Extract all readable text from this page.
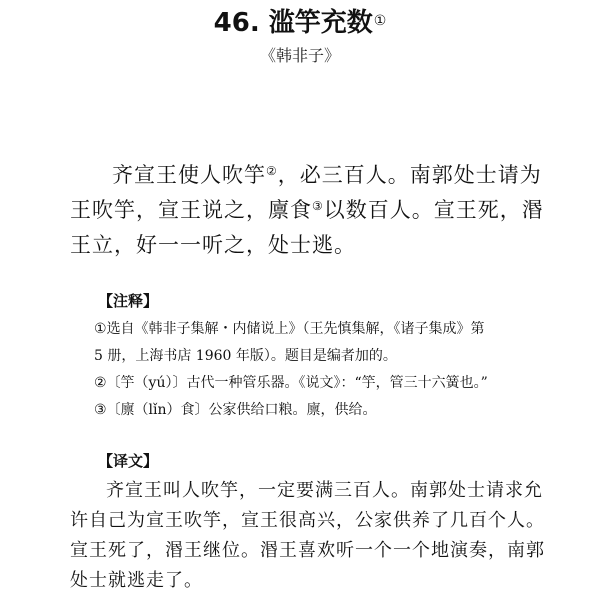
46. 滥竽充数①
《韩非子》

齐宣王使人吹竽②，必三百人。南郭处士请为王吹竽，宣王说之，廪食③以数百人。宣王死，湣王立，好一一听之，处士逃。

【注释】
①选自《韩非子集解・内储说上》（王先慎集解，《诸子集成》第
5 册，上海书店 1960 年版）。题目是编者加的。
②〔竽（yú）〕古代一种管乐器。《说文》：“竽，管三十六簧也。”
③〔廪（lǐn）食〕公家供给口粮。廪，供给。
【译文】

齐宣王叫人吹竽，一定要满三百人。南郭处士请求允许自己为宣王吹竽，宣王很高兴，公家供养了几百个人。宣王死了，湣王继位。湣王喜欢听一个一个地演奏，南郭处士就逃走了。
